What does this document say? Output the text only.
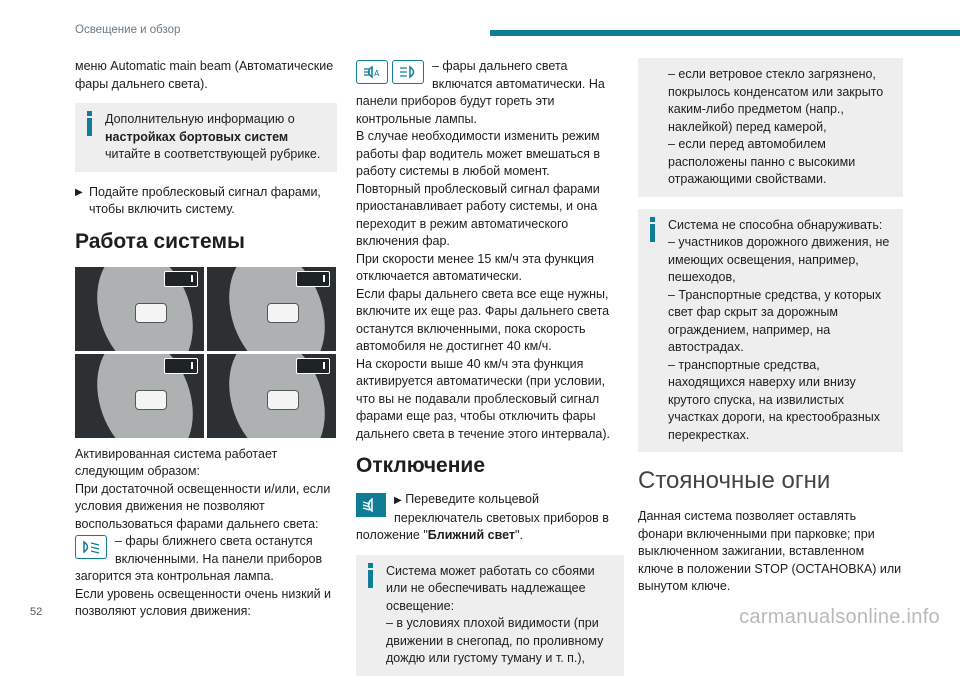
Освещение и обзор

меню Automatic main beam (Автоматические фары дальнего света).

Дополнительную информацию о настройках бортовых систем читайте в соответствующей рубрике.
▶ Подайте проблесковый сигнал фарами, чтобы включить систему.
Работа системы

Активированная система работает следующим образом:

При достаточной освещенности и/или, если условия движения не позволяют воспользоваться фарами дальнего света:

– фары ближнего света останутся включенными. На панели приборов загорится эта контрольная лампа.

Если уровень освещенности очень низкий и позволяют условия движения:

A

– фары дальнего света включатся автоматически. На панели приборов будут гореть эти контрольные лампы.

В случае необходимости изменить режим работы фар водитель может вмешаться в работу системы в любой момент.

Повторный проблесковый сигнал фарами приостанавливает работу системы, и она переходит в режим автоматического включения фар.

При скорости менее 15 км/ч эта функция отключается автоматически.

Если фары дальнего света все еще нужны, включите их еще раз. Фары дальнего света останутся включенными, пока скорость автомобиля не достигнет 40 км/ч.

На скорости выше 40 км/ч эта функция активируется автоматически (при условии, что вы не подавали проблесковый сигнал фарами еще раз, чтобы отключить фары дальнего света в течение этого интервала).

Отключение

▶ Переведите кольцевой переключатель световых приборов в положение "Ближний свет".

Система может работать со сбоями или не обеспечивать надлежащее освещение:

– в условиях плохой видимости (при движении в снегопад, по проливному дождю или густому туману и т. п.),

– если ветровое стекло загрязнено, покрылось конденсатом или закрыто каким-либо предметом (напр., наклейкой) перед камерой,

– если перед автомобилем расположены панно с высокими отражающими свойствами.

Система не способна обнаруживать:

– участников дорожного движения, не имеющих освещения, например, пешеходов,

– Транспортные средства, у которых свет фар скрыт за дорожным ограждением, например, на автострадах.

– транспортные средства, находящихся наверху или внизу крутого спуска, на извилистых участках дороги, на крестообразных перекрестках.

Стояночные огни

Данная система позволяет оставлять фонари включенными при парковке; при выключенном зажигании, вставленном ключе в положении STOP (ОСТАНОВКА) или вынутом ключе.

52	carmanualsonline.info
